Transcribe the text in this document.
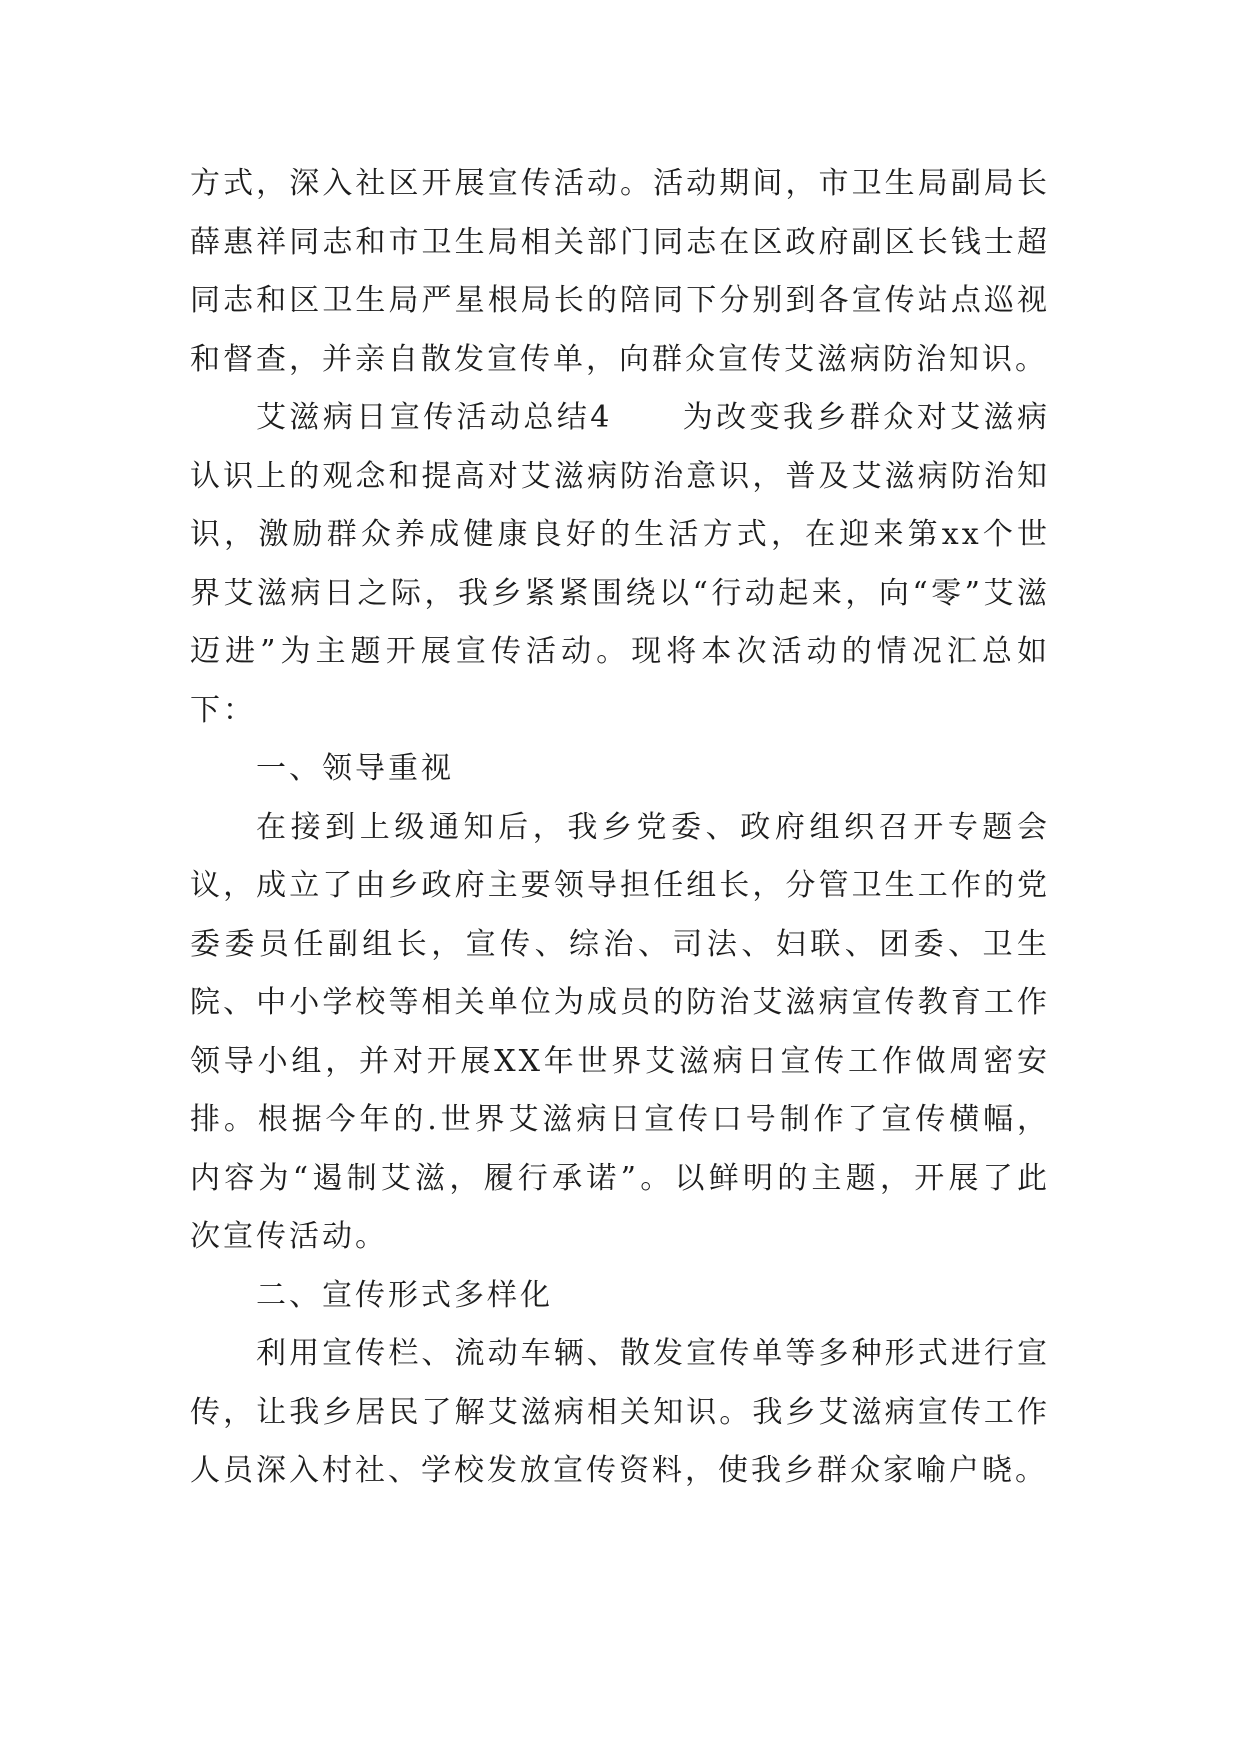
方式，深入社区开展宣传活动。活动期间，市卫生局副局长薛惠祥同志和市卫生局相关部门同志在区政府副区长钱士超同志和区卫生局严星根局长的陪同下分别到各宣传站点巡视和督查，并亲自散发宣传单，向群众宣传艾滋病防治知识。

艾滋病日宣传活动总结4 为改变我乡群众对艾滋病认识上的观念和提高对艾滋病防治意识，普及艾滋病防治知识，激励群众养成健康良好的生活方式，在迎来第xx个世界艾滋病日之际，我乡紧紧围绕以“行动起来，向“零”艾滋迈进”为主题开展宣传活动。现将本次活动的情况汇总如下：

一、领导重视

在接到上级通知后，我乡党委、政府组织召开专题会议，成立了由乡政府主要领导担任组长，分管卫生工作的党委委员任副组长，宣传、综治、司法、妇联、团委、卫生院、中小学校等相关单位为成员的防治艾滋病宣传教育工作领导小组，并对开展XX年世界艾滋病日宣传工作做周密安排。根据今年的.世界艾滋病日宣传口号制作了宣传横幅，内容为“遏制艾滋，履行承诺”。以鲜明的主题，开展了此次宣传活动。

二、宣传形式多样化

利用宣传栏、流动车辆、散发宣传单等多种形式进行宣传，让我乡居民了解艾滋病相关知识。我乡艾滋病宣传工作人员深入村社、学校发放宣传资料，使我乡群众家喻户晓。
